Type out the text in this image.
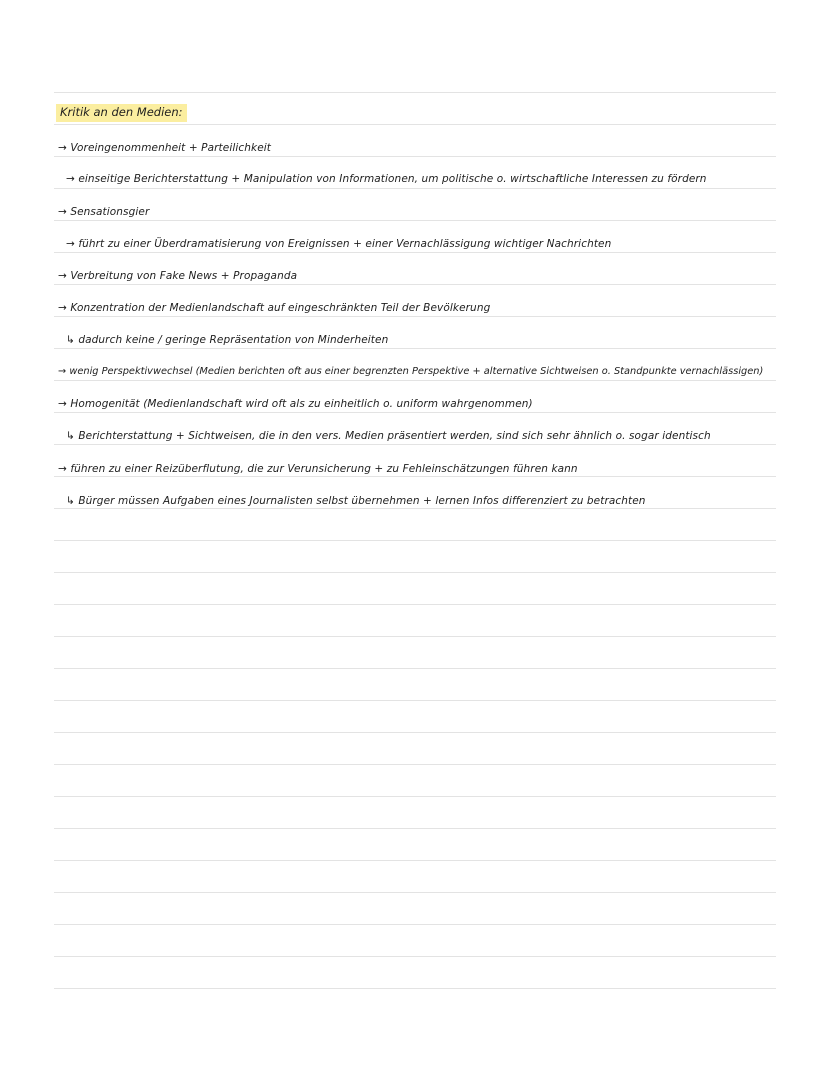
Kritik an den Medien:
→ Voreingenommenheit + Parteilichkeit
→ einseitige Berichterstattung + Manipulation von Informationen, um politische o. wirtschaftliche Interessen zu fördern
→ Sensationsgier
→ führt zu einer Überdramatisierung von Ereignissen + einer Vernachlässigung wichtiger Nachrichten
→ Verbreitung von Fake News + Propaganda
→ Konzentration der Medienlandschaft auf eingeschränkten Teil der Bevölkerung
↳ dadurch keine / geringe Repräsentation von Minderheiten
→ wenig Perspektivwechsel (Medien berichten oft aus einer begrenzten Perspektive + alternative Sichtweisen o. Standpunkte vernachlässigen)
→ Homogenität (Medienlandschaft wird oft als zu einheitlich o. uniform wahrgenommen)
↳ Berichterstattung + Sichtweisen, die in den vers. Medien präsentiert werden, sind sich sehr ähnlich o. sogar identisch
→ führen zu einer Reizüberflutung, die zur Verunsicherung + zu Fehleinschätzungen führen kann
↳ Bürger müssen Aufgaben eines Journalisten selbst übernehmen + lernen Infos differenziert zu betrachten
